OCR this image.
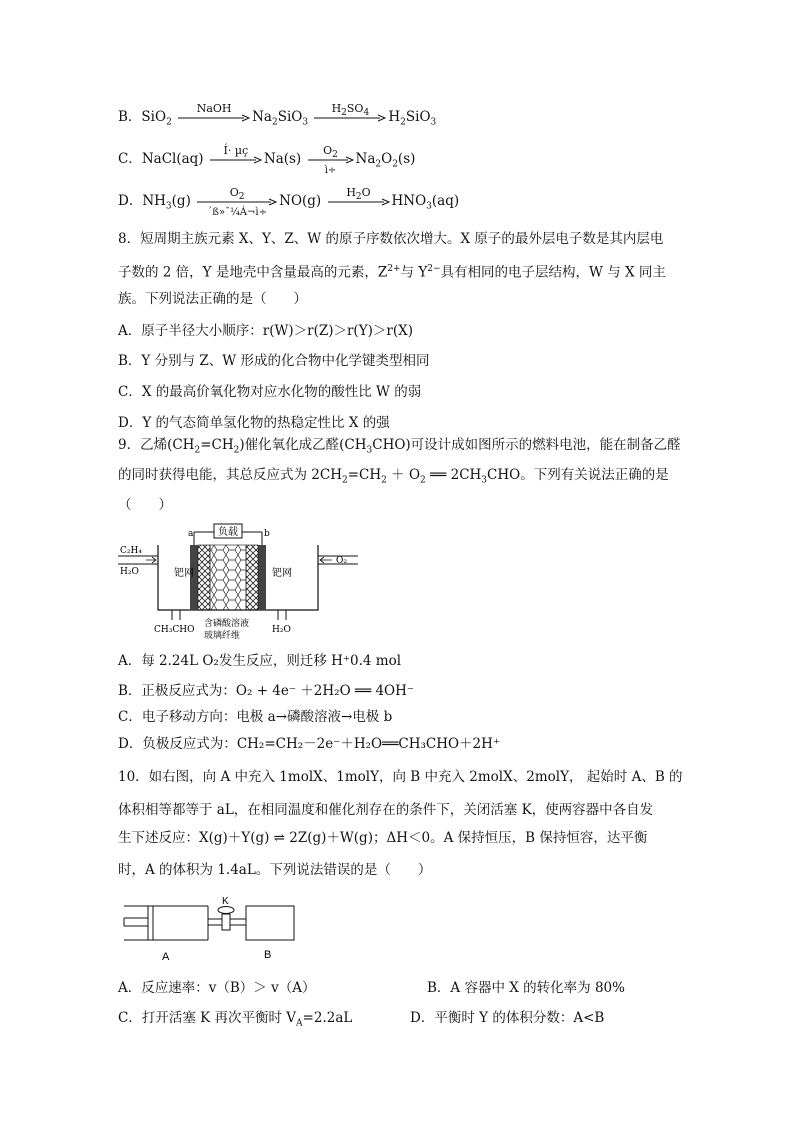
B．SiO$_2$
NaOH
$Na_2SiO_3$
$H_2SO_4$	$H_2SiO_3$
C．NaCl(aq)
Í· µç
Na(s)
$O_2$
ì÷
$Na_2O_2(s)$
D．$NH_3(g)$
$O_2$
´ß»¯¼Á¬ì÷
NO(g)
$H_2O$
$HNO_3(aq)$
8．短周期主族元素 X、Y、Z、W 的原子序数依次增大。X 原子的最外层电子数是其内层电
子数的 2 倍，Y 是地壳中含量最高的元素，$Z^{2+}$与 $Y^{2-}$具有相同的电子层结构，W 与 X 同主
族。下列说法正确的是（　　）
A．原子半径大小顺序：r(W)＞r(Z)＞r(Y)＞r(X)
B．Y 分别与 Z、W 形成的化合物中化学键类型相同
C．X 的最高价氧化物对应水化物的酸性比 W 的弱
D．Y 的气态简单氢化物的热稳定性比 X 的强
9．乙烯$(CH_2=CH_2)$催化氧化成乙醛$(CH_3CHO)$可设计成如图所示的燃料电池，能在制备乙醛
的同时获得电能，其总反应式为 $2CH_2=CH_2 + O_2$ ══ $2CH_3CHO$。下列有关说法正确的是
（　　）
负载
a	b
C₂H₄
H₂O	钯网
O₂
钯网
CH₃CHO
含磷酸溶液
玻璃纤维
H₂O
A．每 2.24L O₂发生反应，则迁移 H⁺0.4 mol
B．正极反应式为：O₂ + 4e⁻ ＋2H₂O ══ 4OH⁻
C．电子移动方向：电极 a→磷酸溶液→电极 b
D．负极反应式为：CH₂=CH₂－2e⁻＋H₂O══CH₃CHO＋2H⁺
10．如右图，向 A 中充入 1molX、1molY，向 B 中充入 2molX、2molY， 起始时 A、B 的
体积相等都等于 aL，在相同温度和催化剂存在的条件下，关闭活塞 K，使两容器中各自发
生下述反应：X(g)＋Y(g) ⇌ 2Z(g)＋W(g)；ΔH＜0。A 保持恒压，B 保持恒容，达平衡
时，A 的体积为 1.4aL。下列说法错误的是（　　）
K
A	B
A．反应速率：v（B）＞ v（A）	B．A 容器中 X 的转化率为 80%
C．打开活塞 K 再次平衡时 $V_A=2.2aL$	D．平衡时 Y 的体积分数：A<B
